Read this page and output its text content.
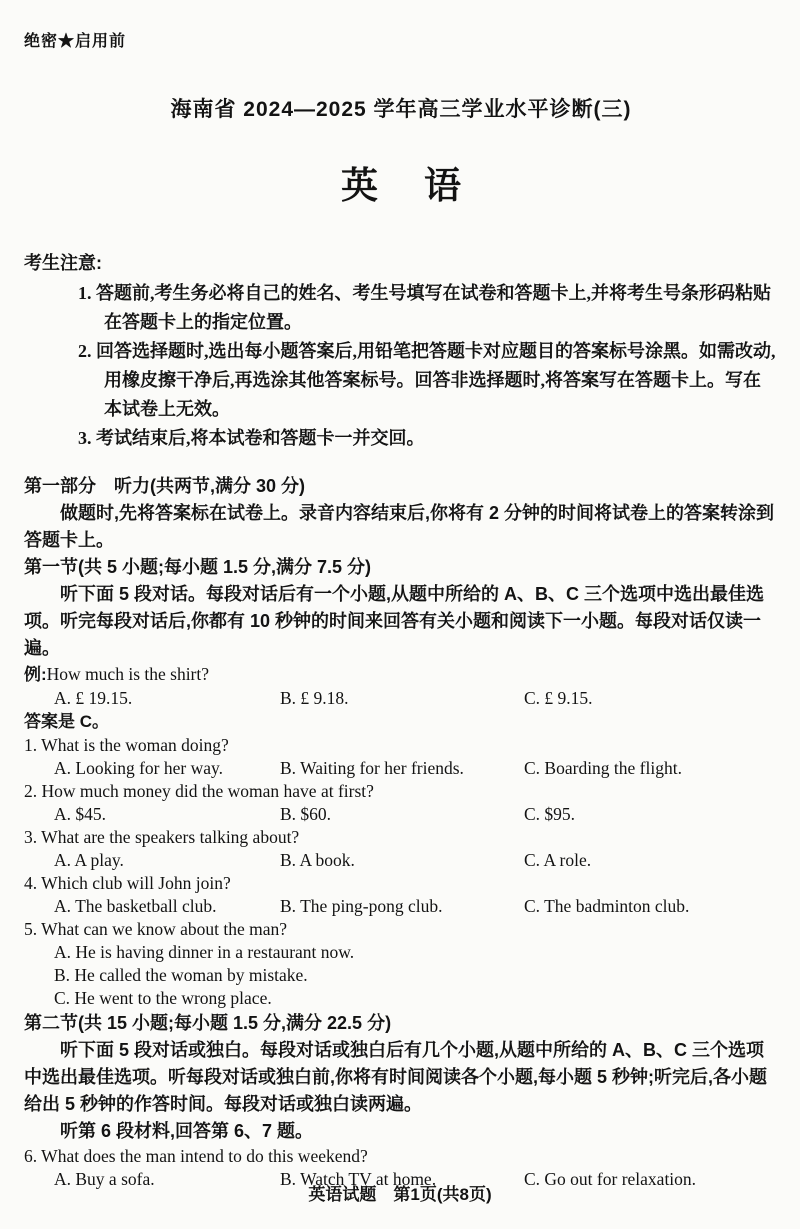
绝密★启用前
海南省 2024—2025 学年高三学业水平诊断(三)
英语
考生注意:
1. 答题前,考生务必将自己的姓名、考生号填写在试卷和答题卡上,并将考生号条形码粘贴在答题卡上的指定位置。
2. 回答选择题时,选出每小题答案后,用铅笔把答题卡对应题目的答案标号涂黑。如需改动,用橡皮擦干净后,再选涂其他答案标号。回答非选择题时,将答案写在答题卡上。写在本试卷上无效。
3. 考试结束后,将本试卷和答题卡一并交回。
第一部分　听力(共两节,满分 30 分)
做题时,先将答案标在试卷上。录音内容结束后,你将有 2 分钟的时间将试卷上的答案转涂到答题卡上。
第一节(共 5 小题;每小题 1.5 分,满分 7.5 分)
听下面 5 段对话。每段对话后有一个小题,从题中所给的 A、B、C 三个选项中选出最佳选项。听完每段对话后,你都有 10 秒钟的时间来回答有关小题和阅读下一小题。每段对话仅读一遍。
例:How much is the shirt?
A. £ 19.15.	B. £ 9.18.	C. £ 9.15.
答案是 C。
1. What is the woman doing?
A. Looking for her way.	B. Waiting for her friends.	C. Boarding the flight.
2. How much money did the woman have at first?
A. $45.	B. $60.	C. $95.
3. What are the speakers talking about?
A. A play.	B. A book.	C. A role.
4. Which club will John join?
A. The basketball club.	B. The ping-pong club.	C. The badminton club.
5. What can we know about the man?
A. He is having dinner in a restaurant now.
B. He called the woman by mistake.
C. He went to the wrong place.
第二节(共 15 小题;每小题 1.5 分,满分 22.5 分)
听下面 5 段对话或独白。每段对话或独白后有几个小题,从题中所给的 A、B、C 三个选项中选出最佳选项。听每段对话或独白前,你将有时间阅读各个小题,每小题 5 秒钟;听完后,各小题给出 5 秒钟的作答时间。每段对话或独白读两遍。
听第 6 段材料,回答第 6、7 题。
6. What does the man intend to do this weekend?
A. Buy a sofa.	B. Watch TV at home.	C. Go out for relaxation.
英语试题　第1页(共8页)
